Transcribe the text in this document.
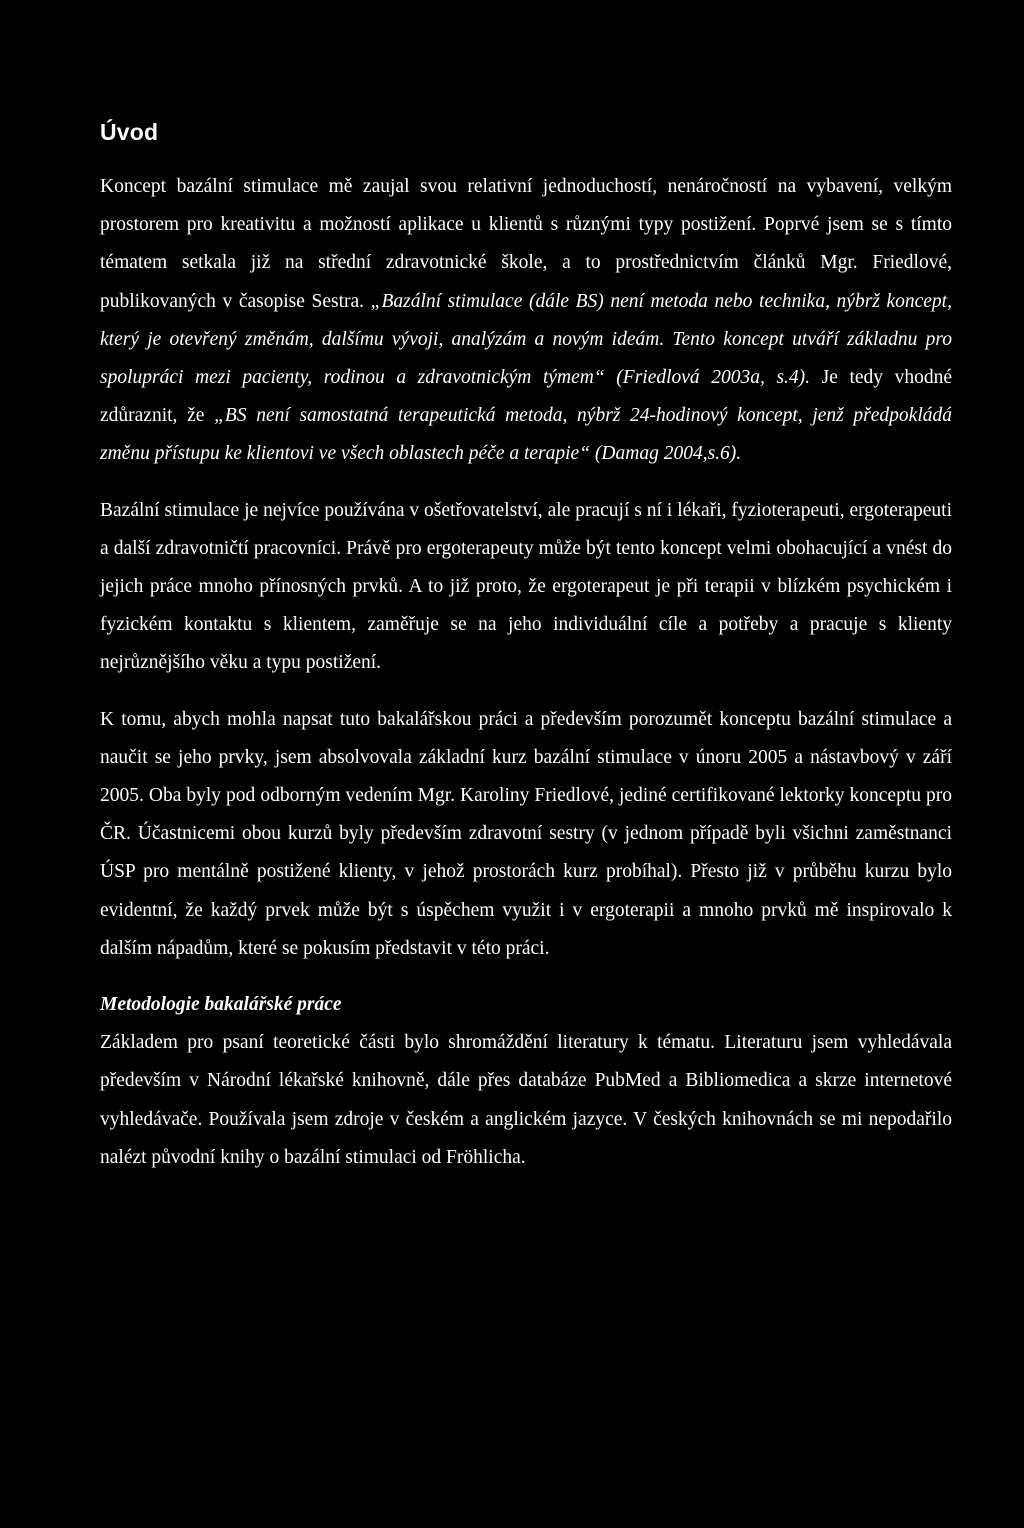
Úvod

Koncept bazální stimulace mě zaujal svou relativní jednoduchostí, nenáročností na vybavení, velkým prostorem pro kreativitu a možností aplikace u klientů s různými typy postižení. Poprvé jsem se s tímto tématem setkala již na střední zdravotnické škole, a to prostřednictvím článků Mgr. Friedlové, publikovaných v časopise Sestra. „Bazální stimulace (dále BS) není metoda nebo technika, nýbrž koncept, který je otevřený změnám, dalšímu vývoji, analýzám a novým ideám. Tento koncept utváří základnu pro spolupráci mezi pacienty, rodinou a zdravotnickým týmem“ (Friedlová 2003a, s.4). Je tedy vhodné zdůraznit, že „BS není samostatná terapeutická metoda, nýbrž 24-hodinový koncept, jenž předpokládá změnu přístupu ke klientovi ve všech oblastech péče a terapie“ (Damag 2004,s.6).

Bazální stimulace je nejvíce používána v ošetřovatelství, ale pracují s ní i lékaři, fyzioterapeuti, ergoterapeuti a další zdravotničtí pracovníci. Právě pro ergoterapeuty může být tento koncept velmi obohacující a vnést do jejich práce mnoho přínosných prvků. A to již proto, že ergoterapeut je při terapii v blízkém psychickém i fyzickém kontaktu s klientem, zaměřuje se na jeho individuální cíle a potřeby a pracuje s klienty nejrůznějšího věku a typu postižení.

K tomu, abych mohla napsat tuto bakalářskou práci a především porozumět konceptu bazální stimulace a naučit se jeho prvky, jsem absolvovala základní kurz bazální stimulace v únoru 2005 a nástavbový v září 2005. Oba byly pod odborným vedením Mgr. Karoliny Friedlové, jediné certifikované lektorky konceptu pro ČR. Účastnicemi obou kurzů byly především zdravotní sestry (v jednom případě byli všichni zaměstnanci ÚSP pro mentálně postižené klienty, v jehož prostorách kurz probíhal). Přesto již v průběhu kurzu bylo evidentní, že každý prvek může být s úspěchem využit i v ergoterapii a mnoho prvků mě inspirovalo k dalším nápadům, které se pokusím představit v této práci.

Metodologie bakalářské práce

Základem pro psaní teoretické části bylo shromáždění literatury k tématu. Literaturu jsem vyhledávala především v Národní lékařské knihovně, dále přes databáze PubMed a Bibliomedica a skrze internetové vyhledávače. Používala jsem zdroje v českém a anglickém jazyce. V českých knihovnách se mi nepodařilo nalézt původní knihy o bazální stimulaci od Fröhlicha.
